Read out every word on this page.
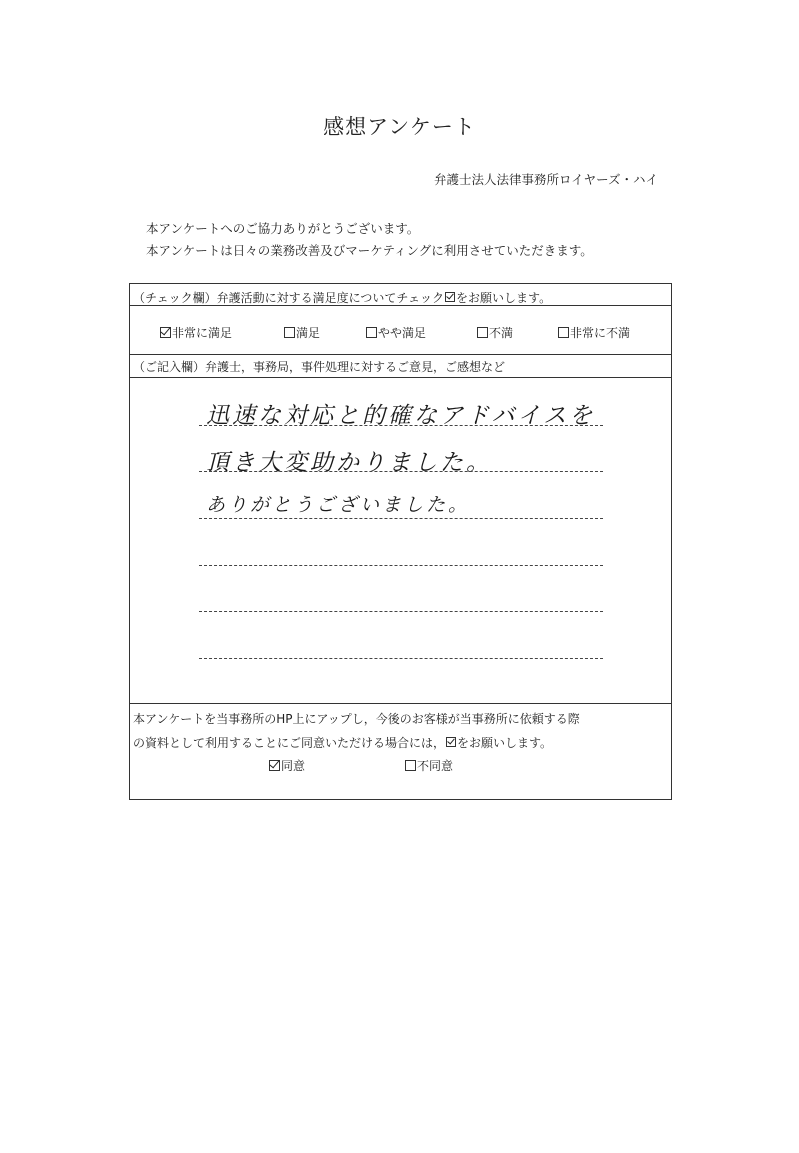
感想アンケート
弁護士法人法律事務所ロイヤーズ・ハイ
本アンケートへのご協力ありがとうございます。
本アンケートは日々の業務改善及びマーケティングに利用させていただきます。
（チェック欄）弁護活動に対する満足度についてチェック をお願いします。
非常に満足	満足	やや満足	不満	非常に不満
（ご記入欄）弁護士，事務局，事件処理に対するご意見，ご感想など
迅速な対応と的確なアドバイスを
頂き大変助かりました。
ありがとうございました。
本アンケートを当事務所のHP上にアップし，今後のお客様が当事務所に依頼する際
の資料として利用することにご同意いただける場合には， をお願いします。
同意	不同意
